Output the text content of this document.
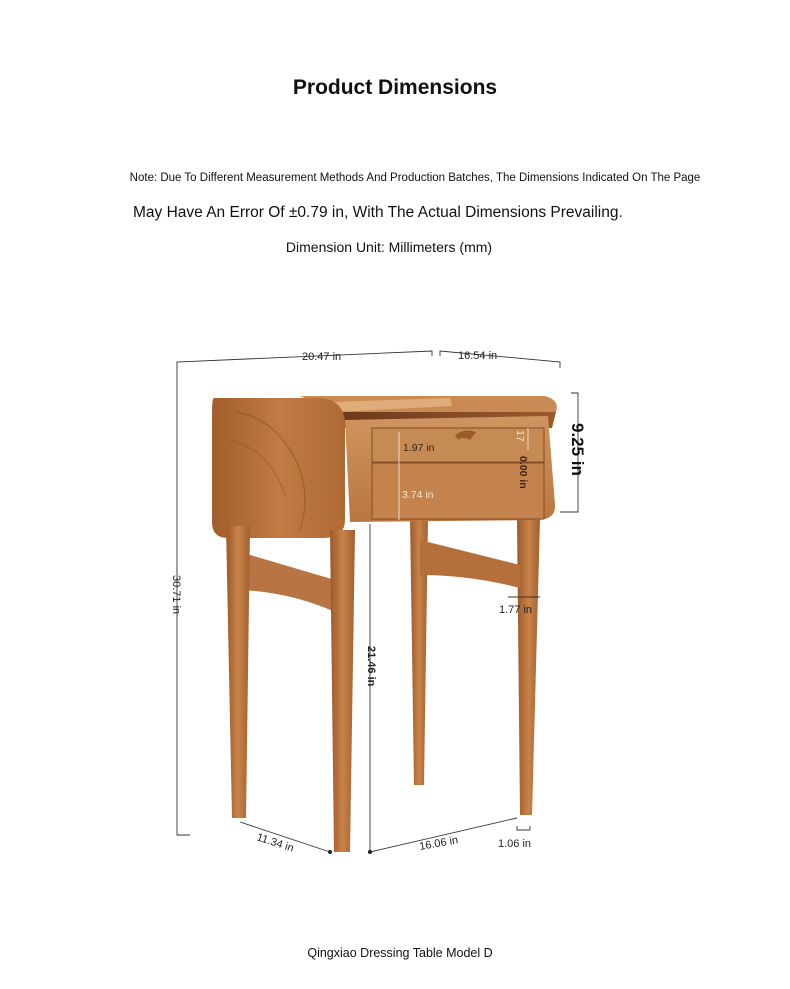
Product Dimensions
Note: Due To Different Measurement Methods And Production Batches, The Dimensions Indicated On The Page
May Have An Error Of ±0.79 in, With The Actual Dimensions Prevailing.
Dimension Unit: Millimeters (mm)
20.47 in	16.54 in
30.71 in
9.25 in
1.97 in
3.74 in
17
0.00 in
1.77 in
21.46 in
11.34 in	16.06 in	1.06 in
Qingxiao Dressing Table Model D
